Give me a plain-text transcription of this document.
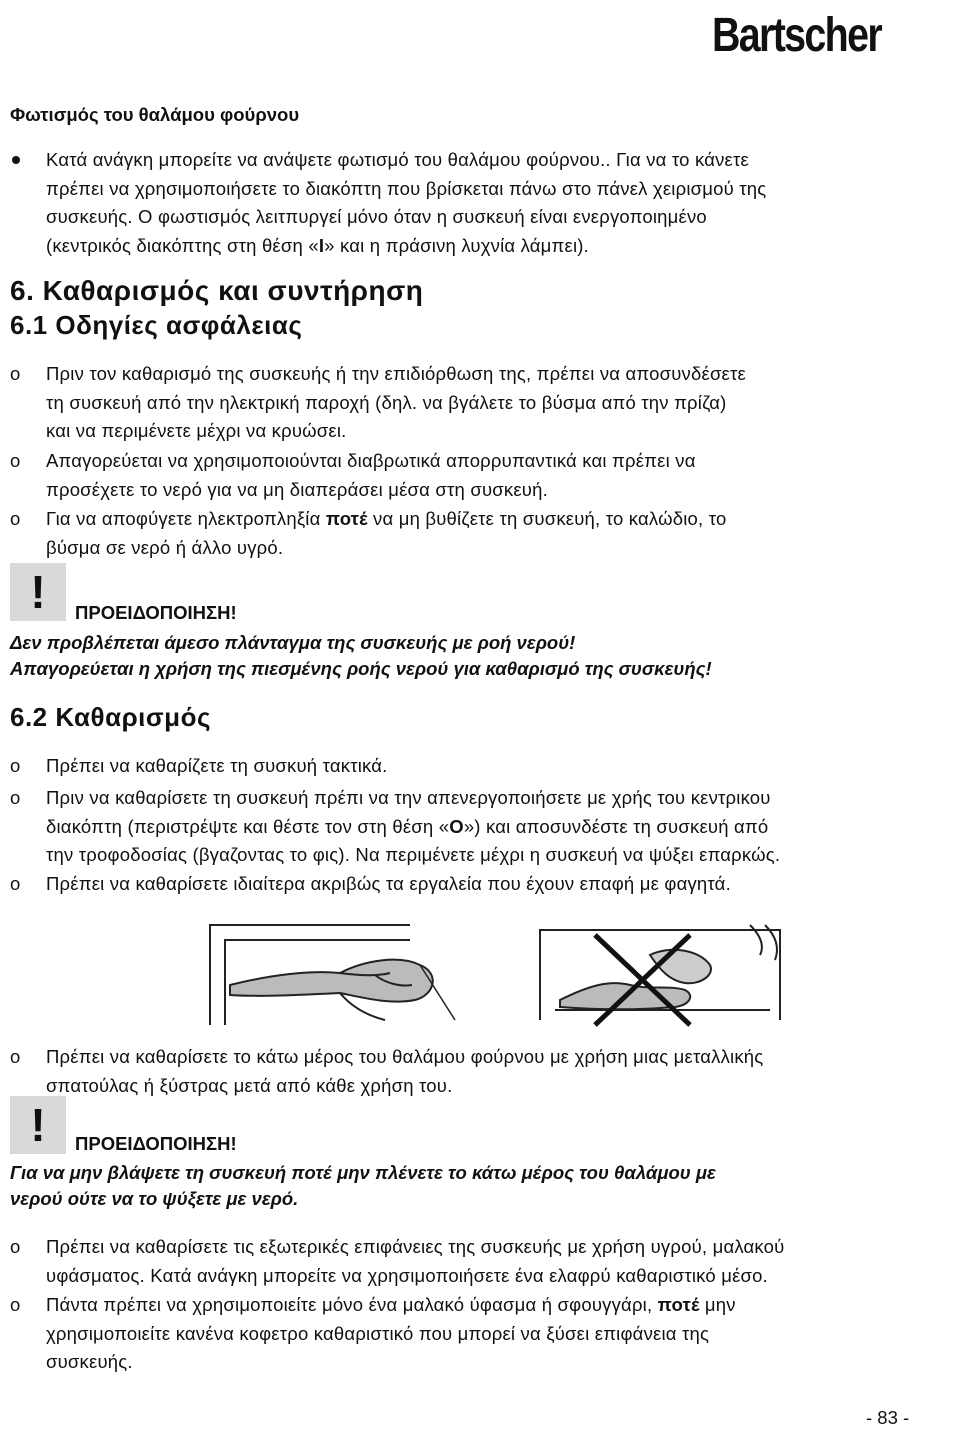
Bartscher
Φωτισμός του θαλάμου φούρνου
Κατά ανάγκη μπορείτε να ανάψετε φωτισμό του θαλάμου φούρνου.. Για να το κάνετε
πρέπει να χρησιμοποιήσετε το διακόπτη που βρίσκεται πάνω στο πάνελ χειρισμού της
συσκευής. Ο φωστισμός λειτπυργεί μόνο όταν η συσκευή είναι ενεργοποιημένο
(κεντρικός διακόπτης στη θέση «I» και η πράσινη λυχνία λάμπει).
6. Καθαρισμός και συντήρηση
6.1 Οδηγίες ασφάλειας
o Πριν τον καθαρισμό της συσκευής ή την επιδιόρθωση της, πρέπει να αποσυνδέσετε
τη συσκευή από την ηλεκτρική παροχή (δηλ. να βγάλετε το βύσμα από την πρίζα)
και να περιμένετε μέχρι να κρυώσει.
o Απαγορεύεται να χρησιμοποιούνται διαβρωτικά απορρυπαντικά και πρέπει να
προσέχετε το νερό για να μη διαπεράσει μέσα στη συσκευή.
o Για να αποφύγετε ηλεκτροπληξία ποτέ να μη βυθίζετε τη συσκευή, το καλώδιο, το
βύσμα σε νερό ή άλλο υγρό.
!	ΠΡΟΕΙΔΟΠΟΙΗΣΗ!
Δεν προβλέπεται άμεσο πλάνταγμα της συσκευής με ροή νερού!
Απαγορεύεται η χρήση της πιεσμένης ροής νερού για καθαρισμό της συσκευής!
6.2 Καθαρισμός
o Πρέπει να καθαρίζετε τη συσκυή τακτικά.
o Πριν να καθαρίσετε τη συσκευή πρέπι να την απενεργοποιήσετε με χρής του κεντρικου
διακόπτη (περιστρέψτε και θέστε τον στη θέση «O») και αποσυνδέστε τη συσκευή από
την τροφοδοσίας (βγαζοντας το φις). Να περιμένετε μέχρι η συσκευή να ψύξει επαρκώς.
o Πρέπει να καθαρίσετε ιδιαίτερα ακριβώς τα εργαλεία που έχουν επαφή με φαγητά.
o Πρέπει να καθαρίσετε το κάτω μέρος του θαλάμου φούρνου με χρήση μιας μεταλλικής
σπατούλας ή ξύστρας μετά από κάθε χρήση του.
!	ΠΡΟΕΙΔΟΠΟΙΗΣΗ!
Για να μην βλάψετε τη συσκευή ποτέ μην πλένετε το κάτω μέρος του θαλάμου με
νερού ούτε να το ψύξετε με νερό.
o Πρέπει να καθαρίσετε τις εξωτερικές επιφάνειες της συσκευής με χρήση υγρού, μαλακού
υφάσματος. Κατά ανάγκη μπορείτε να χρησιμοποιήσετε ένα ελαφρύ καθαριστικό μέσο.
o Πάντα πρέπει να χρησιμοποιείτε μόνο ένα μαλακό ύφασμα ή σφουγγάρι, ποτέ μην
χρησιμοποιείτε κανένα κοφετρο καθαριστικό που μπορεί να ξύσει επιφάνεια της
συσκευής.
- 83 -
